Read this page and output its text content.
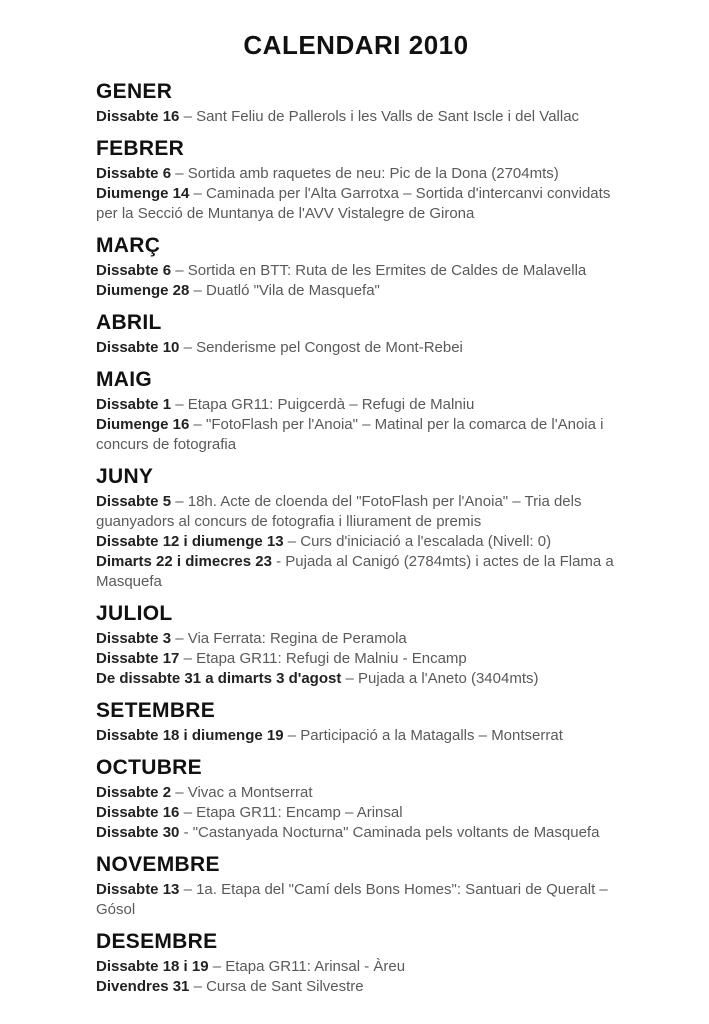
CALENDARI 2010
GENER

Dissabte 16 – Sant Feliu de Pallerols i les Valls de Sant Iscle i del Vallac

FEBRER

Dissabte 6 – Sortida amb raquetes de neu: Pic de la Dona (2704mts)

Diumenge 14 – Caminada per l'Alta Garrotxa – Sortida d'intercanvi convidats per la Secció de Muntanya de l'AVV Vistalegre de Girona

MARÇ

Dissabte 6 – Sortida en BTT: Ruta de les Ermites de Caldes de Malavella

Diumenge 28 – Duatló "Vila de Masquefa"

ABRIL

Dissabte 10 – Senderisme pel Congost de Mont-Rebei

MAIG

Dissabte 1 – Etapa GR11: Puigcerdà – Refugi de Malniu

Diumenge 16 – "FotoFlash per l'Anoia" – Matinal per la comarca de l'Anoia i concurs de fotografia

JUNY

Dissabte 5 – 18h. Acte de cloenda del "FotoFlash per l'Anoia" – Tria dels guanyadors al concurs de fotografia i lliurament de premis

Dissabte 12 i diumenge 13 – Curs d'iniciació a l'escalada (Nivell: 0)

Dimarts 22 i dimecres 23 - Pujada al Canigó (2784mts) i actes de la Flama a Masquefa

JULIOL

Dissabte 3 – Via Ferrata: Regina de Peramola

Dissabte 17 – Etapa GR11: Refugi de Malniu - Encamp

De dissabte 31 a dimarts 3 d'agost – Pujada a l'Aneto (3404mts)

SETEMBRE

Dissabte 18 i diumenge 19 – Participació a la Matagalls – Montserrat

OCTUBRE

Dissabte 2 – Vivac a Montserrat

Dissabte 16 – Etapa GR11: Encamp – Arinsal

Dissabte 30 - "Castanyada Nocturna" Caminada pels voltants de Masquefa

NOVEMBRE

Dissabte 13 – 1a. Etapa del "Camí dels Bons Homes": Santuari de Queralt – Gósol

DESEMBRE

Dissabte 18 i 19 – Etapa GR11: Arinsal - Àreu

Divendres 31 – Cursa de Sant Silvestre
